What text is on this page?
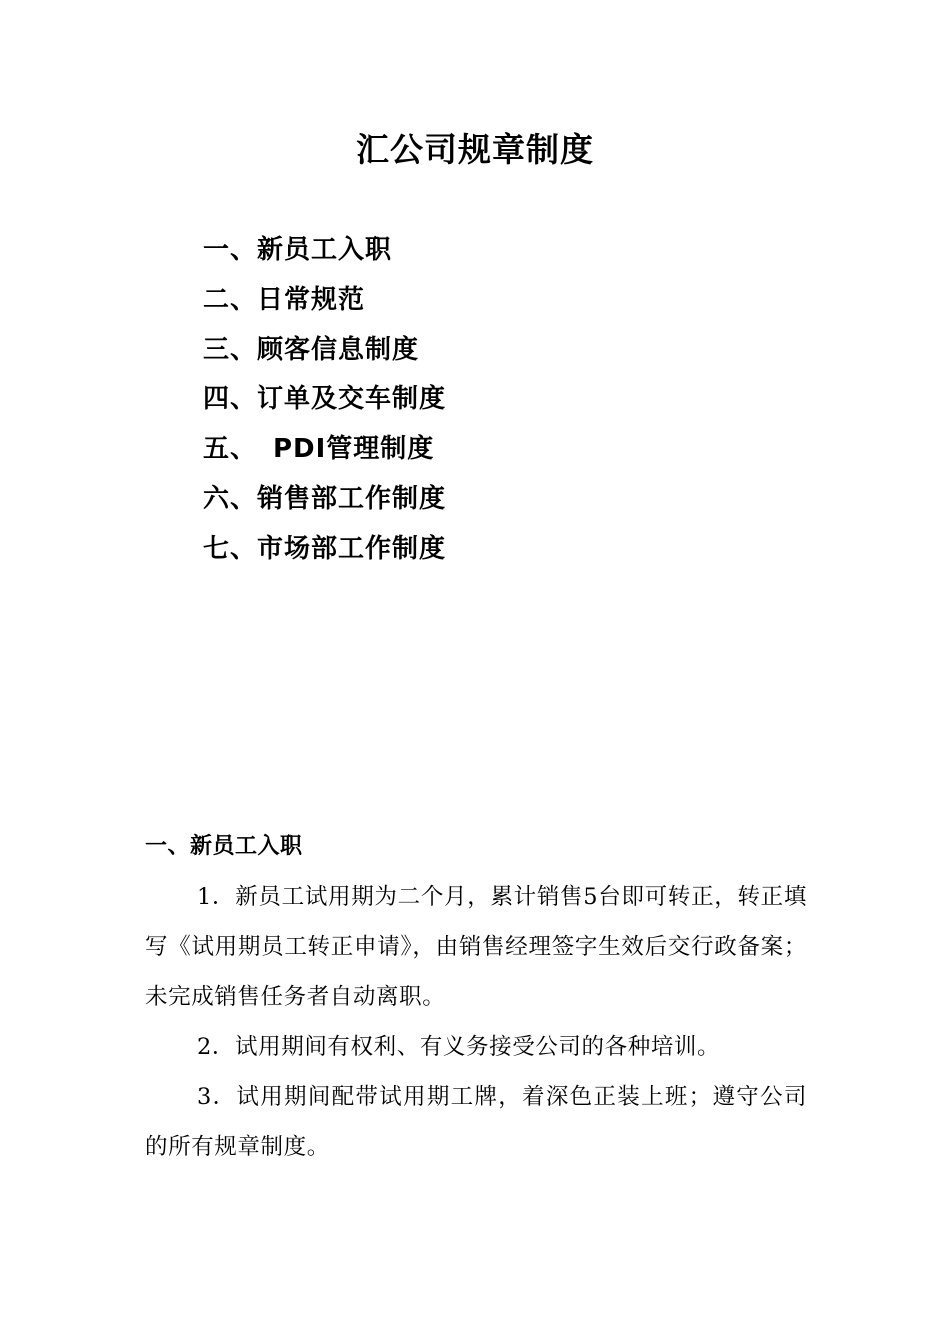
汇公司规章制度
一、新员工入职
二、日常规范
三、顾客信息制度
四、订单及交车制度
五、 PDI管理制度
六、销售部工作制度
七、市场部工作制度
一、新员工入职

1．新员工试用期为二个月，累计销售5台即可转正，转正填写《试用期员工转正申请》，由销售经理签字生效后交行政备案；未完成销售任务者自动离职。

2．试用期间有权利、有义务接受公司的各种培训。

3．试用期间配带试用期工牌，着深色正装上班；遵守公司的所有规章制度。
